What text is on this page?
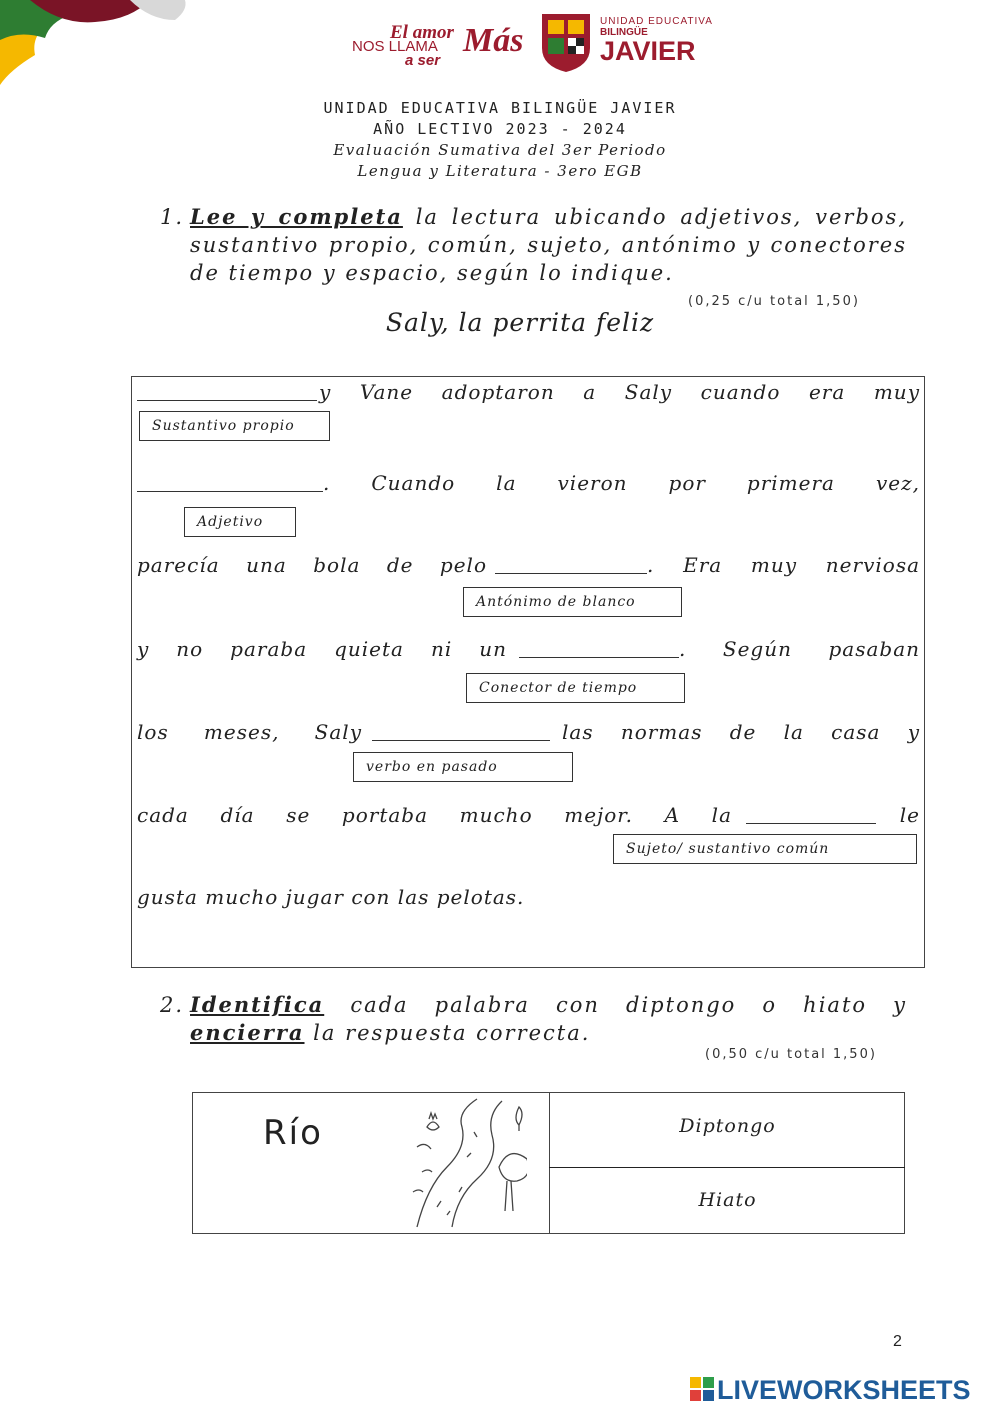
El amor
NOS LLAMA
a ser
Más
UNIDAD EDUCATIVA
BILINGÜE
JAVIER
UNIDAD EDUCATIVA BILINGÜE JAVIER
AÑO LECTIVO 2023 - 2024
Evaluación Sumativa del 3er Periodo
Lengua y Literatura - 3ero EGB
1. Lee y completa la lectura ubicando adjetivos, verbos, sustantivo propio, común, sujeto, antónimo y conectores de tiempo y espacio, según lo indique.
(0,25 c/u total 1,50)
Saly, la perrita feliz
y Vane adoptaron a Saly cuando era muy
Sustantivo propio
. Cuando la vieron por primera vez,
Adjetivo
parecía una bola de pelo	. Era muy nerviosa
Antónimo de blanco
y no paraba quieta ni un	. Según pasaban
Conector de tiempo
los meses, Saly	las normas de la casa y
verbo en pasado
cada día se portaba mucho mejor. A la	le
Sujeto/ sustantivo común
gusta mucho jugar con las pelotas.
2. Identifica cada palabra con diptongo o hiato y encierra la respuesta correcta.
(0,50 c/u total 1,50)
Río	Diptongo
Hiato
2
LIVEWORKSHEETS
